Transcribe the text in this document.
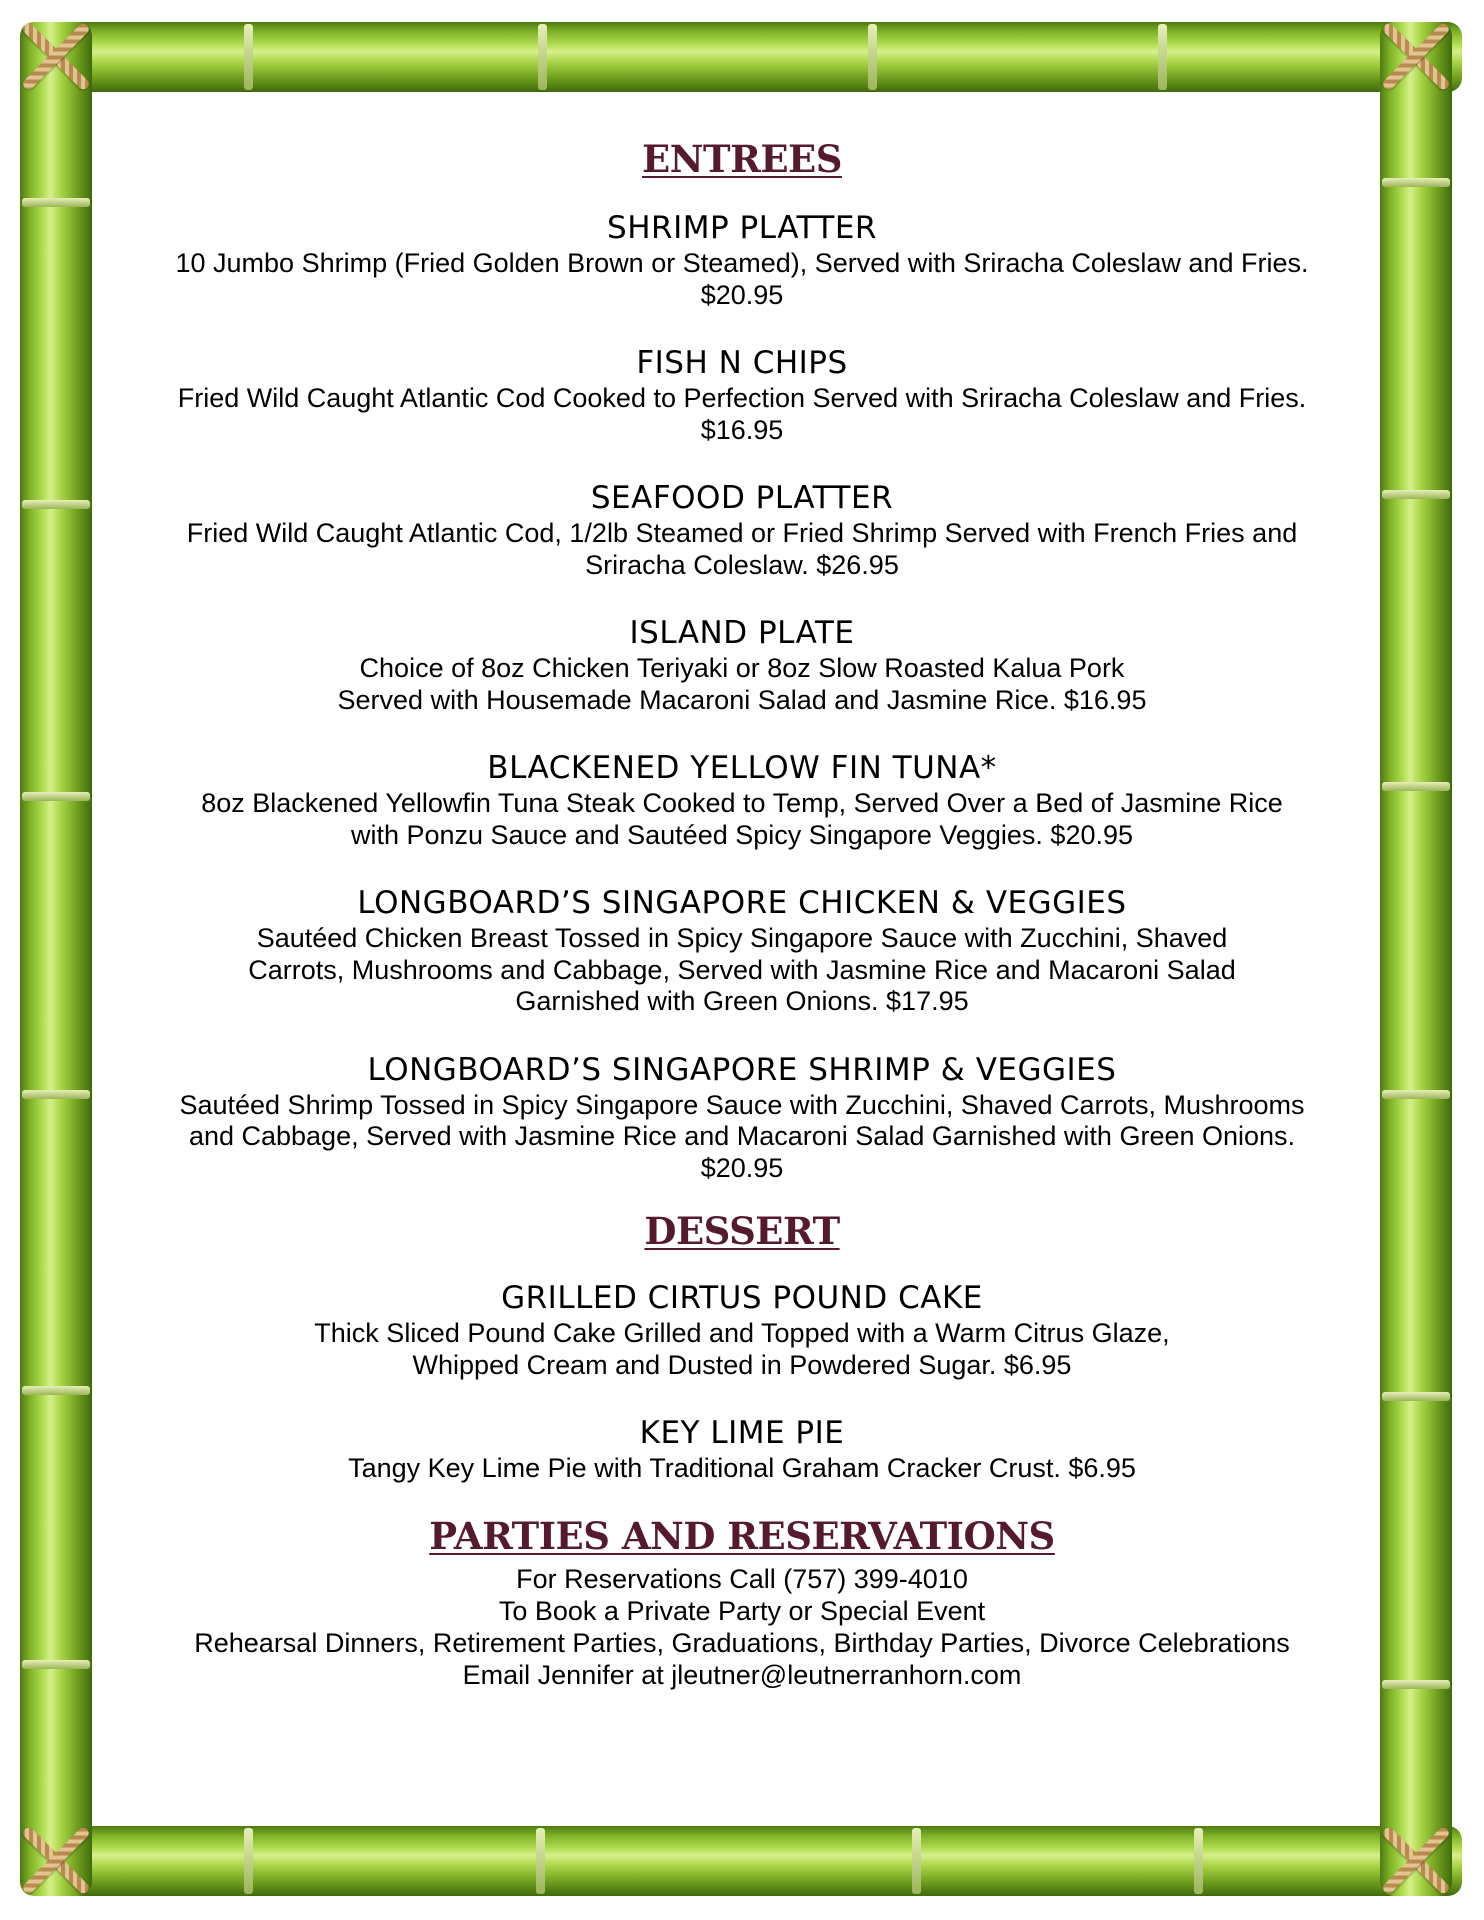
ENTREES
SHRIMP PLATTER
10 Jumbo Shrimp (Fried Golden Brown or Steamed), Served with Sriracha Coleslaw and Fries.
$20.95
FISH N CHIPS
Fried Wild Caught Atlantic Cod Cooked to Perfection Served with Sriracha Coleslaw and Fries.
$16.95
SEAFOOD PLATTER
Fried Wild Caught Atlantic Cod, 1/2lb Steamed or Fried Shrimp Served with French Fries and
Sriracha Coleslaw. $26.95
ISLAND PLATE
Choice of 8oz Chicken Teriyaki or 8oz Slow Roasted Kalua Pork
Served with Housemade Macaroni Salad and Jasmine Rice. $16.95
BLACKENED YELLOW FIN TUNA*
8oz Blackened Yellowfin Tuna Steak Cooked to Temp, Served Over a Bed of Jasmine Rice
with Ponzu Sauce and Sautéed Spicy Singapore Veggies. $20.95
LONGBOARD’S SINGAPORE CHICKEN & VEGGIES
Sautéed Chicken Breast Tossed in Spicy Singapore Sauce with Zucchini, Shaved
Carrots, Mushrooms and Cabbage, Served with Jasmine Rice and Macaroni Salad
Garnished with Green Onions. $17.95
LONGBOARD’S SINGAPORE SHRIMP & VEGGIES
Sautéed Shrimp Tossed in Spicy Singapore Sauce with Zucchini, Shaved Carrots, Mushrooms
and Cabbage, Served with Jasmine Rice and Macaroni Salad Garnished with Green Onions.
$20.95
DESSERT
GRILLED CIRTUS POUND CAKE
Thick Sliced Pound Cake Grilled and Topped with a Warm Citrus Glaze,
Whipped Cream and Dusted in Powdered Sugar. $6.95
KEY LIME PIE
Tangy Key Lime Pie with Traditional Graham Cracker Crust. $6.95
PARTIES AND RESERVATIONS
For Reservations Call (757) 399-4010
To Book a Private Party or Special Event
Rehearsal Dinners, Retirement Parties, Graduations, Birthday Parties, Divorce Celebrations
Email Jennifer at jleutner@leutnerranhorn.com
